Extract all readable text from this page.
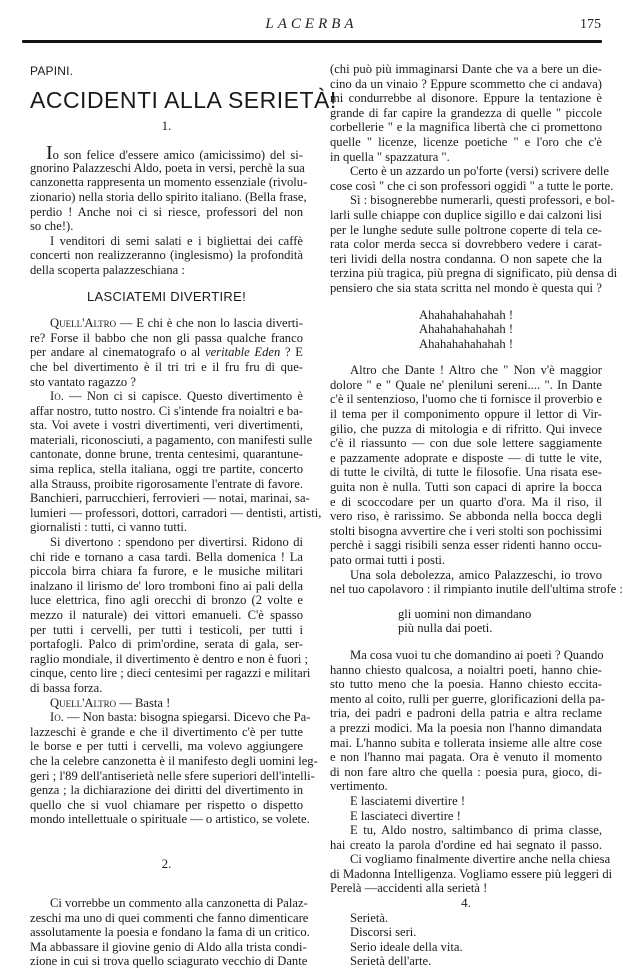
LACERBA	175
PAPINI.
ACCIDENTI ALLA SERIETÀ!
1.
Io son felice d'essere amico (amicissimo) del si-
gnorino Palazzeschi Aldo, poeta in versi, perchè la sua
canzonetta rappresenta un momento essenziale (rivolu-
zionario) nella storia dello spirito italiano. (Bella frase,
perdio ! Anche noi ci si riesce, professori del non
so che!).
I venditori di semi salati e i bigliettai dei caffè
concerti non realizzeranno (inglesismo) la profondità
della scoperta palazzeschiana :
LASCIATEMI DIVERTIRE!
Quell'Altro — E chi è che non lo lascia diverti-
re? Forse il babbo che non gli passa qualche franco
per andare al cinematografo o al veritable Eden ? E
che bel divertimento è il tri tri e il fru fru di que-
sto vantato ragazzo ?
Io. — Non ci si capisce. Questo divertimento è
affar nostro, tutto nostro. Ci s'intende fra noialtri e ba-
sta. Voi avete i vostri divertimenti, veri divertimenti,
materiali, riconosciuti, a pagamento, con manifesti sulle
cantonate, donne brune, trenta centesimi, quarantune-
sima replica, stella italiana, oggi tre partite, concerto
alla Strauss, proibite rigorosamente l'entrate di favore.
Banchieri, parrucchieri, ferrovieri — notai, marinai, sa-
lumieri — professori, dottori, carradori — dentisti, artisti,
giornalisti : tutti, ci vanno tutti.
Si divertono : spendono per divertirsi. Ridono di
chi ride e tornano a casa tardi. Bella domenica ! La
piccola birra chiara fa furore, e le musiche militari
inalzano il lirismo de' loro tromboni fino ai pali della
luce elettrica, fino agli orecchi di bronzo (2 volte e
mezzo il naturale) dei vittori emanueli. C'è spasso
per tutti i cervelli, per tutti i testicoli, per tutti i
portafogli. Palco di prim'ordine, serata di gala, ser-
raglio mondiale, il divertimento è dentro e non è fuori ;
cinque, cento lire ; dieci centesimi per ragazzi e militari
di bassa forza.
Quell'Altro — Basta !
Io. — Non basta: bisogna spiegarsi. Dicevo che Pa-
lazzeschi è grande e che il divertimento c'è per tutte
le borse e per tutti i cervelli, ma volevo aggiungere
che la celebre canzonetta è il manifesto degli uomini leg-
geri ; l'89 dell'antiserietà nelle sfere superiori dell'intelli-
genza ; la dichiarazione dei diritti del divertimento in
quello che si vuol chiamare per rispetto o dispetto
mondo intellettuale o spirituale — o artistico, se volete.
2.
Ci vorrebbe un commento alla canzonetta di Palaz-
zeschi ma uno di quei commenti che fanno dimenticare
assolutamente la poesia e fondano la fama di un critico.
Ma abbassare il giovine genio di Aldo alla trista condi-
zione in cui si trova quello sciagurato vecchio di Dante
(chi può più immaginarsi Dante che va a bere un die-
cino da un vinaio ? Eppure scommetto che ci andava)
mi condurrebbe al disonore. Eppure la tentazione è
grande di far capire la grandezza di quelle " piccole
corbellerie " e la magnifica libertà che ci promettono
quelle " licenze, licenze poetiche " e l'oro che c'è
in quella " spazzatura ".
Certo è un azzardo un po'forte (versi) scrivere delle
cose così " che ci son professori oggidì " a tutte le porte.
Sì : bisognerebbe numerarli, questi professori, e bol-
larli sulle chiappe con duplice sigillo e dai calzoni lisi
per le lunghe sedute sulle poltrone coperte di tela ce-
rata color merda secca si dovrebbero vedere i carat-
teri lividi della nostra condanna. O non sapete che la
terzina più tragica, più pregna di significato, più densa di
pensiero che sia stata scritta nel mondo è questa qui ?
Ahahahahahahah !
Ahahahahahahah !
Ahahahahahahah !
Altro che Dante ! Altro che " Non v'è maggior
dolore " e " Quale ne' pleniluni sereni.... ". In Dante
c'è il sentenzioso, l'uomo che ti fornisce il proverbio e
il tema per il componimento oppure il lettor di Vir-
gilio, che puzza di mitologia e di rifritto. Qui invece
c'è il riassunto — con due sole lettere saggiamente
e pazzamente adoprate e disposte — di tutte le vite,
di tutte le civiltà, di tutte le filosofie. Una risata ese-
guita non è nulla. Tutti son capaci di aprire la bocca
e di scoccodare per un quarto d'ora. Ma il riso, il
vero riso, è rarissimo. Se abbonda nella bocca degli
stolti bisogna avvertire che i veri stolti son pochissimi
perchè i saggi risibili senza esser ridenti hanno occu-
pato ormai tutti i posti.
Una sola debolezza, amico Palazzeschi, io trovo
nel tuo capolavoro : il rimpianto inutile dell'ultima strofe :
gli uomini non dimandano
più nulla dai poeti.
Ma cosa vuoi tu che domandino ai poeti ? Quando
hanno chiesto qualcosa, a noialtri poeti, hanno chie-
sto tutto meno che la poesia. Hanno chiesto eccita-
mento al coito, rulli per guerre, glorificazioni della pa-
tria, dei padri e padroni della patria e altra reclame
a prezzi modici. Ma la poesia non l'hanno dimandata
mai. L'hanno subita e tollerata insieme alle altre cose
e non l'hanno mai pagata. Ora è venuto il momento
di non fare altro che quella : poesia pura, gioco, di-
vertimento.
E lasciatemi divertire !
E lasciateci divertire !
E tu, Aldo nostro, saltimbanco di prima classe,
hai creato la parola d'ordine ed hai segnato il passo.
Ci vogliamo finalmente divertire anche nella chiesa
di Madonna Intelligenza. Vogliamo essere più leggeri di
Perelà —accidenti alla serietà !
4.
Serietà.
Discorsi seri.
Serio ideale della vita.
Serietà dell'arte.
